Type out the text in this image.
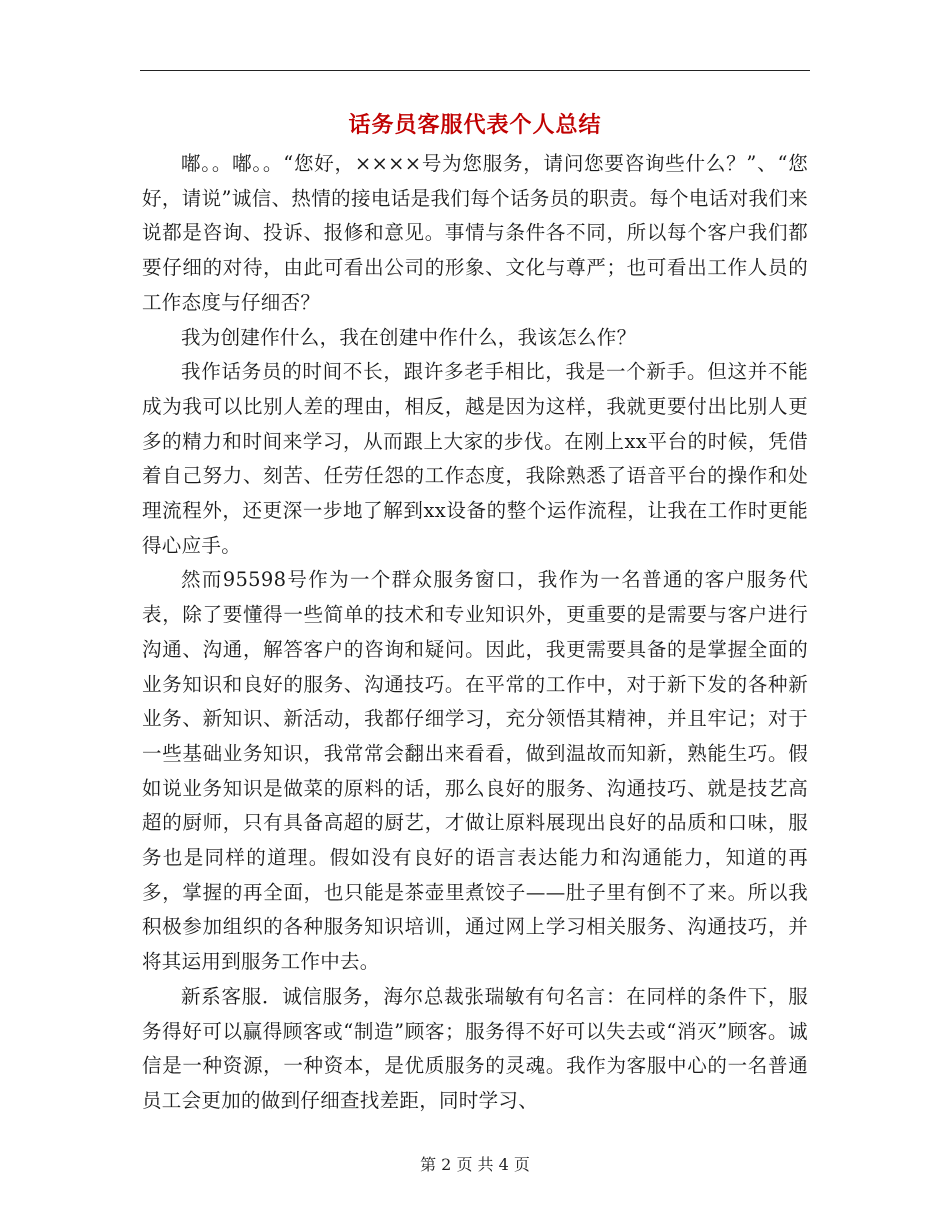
话务员客服代表个人总结

嘟。。嘟。。“您好，××××号为您服务，请问您要咨询些什么？”、“您好，请说”诚信、热情的接电话是我们每个话务员的职责。每个电话对我们来说都是咨询、投诉、报修和意见。事情与条件各不同，所以每个客户我们都要仔细的对待，由此可看出公司的形象、文化与尊严；也可看出工作人员的工作态度与仔细否？

我为创建作什么，我在创建中作什么，我该怎么作？

我作话务员的时间不长，跟许多老手相比，我是一个新手。但这并不能成为我可以比别人差的理由，相反，越是因为这样，我就更要付出比别人更多的精力和时间来学习，从而跟上大家的步伐。在刚上xx平台的时候，凭借着自己努力、刻苦、任劳任怨的工作态度，我除熟悉了语音平台的操作和处理流程外，还更深一步地了解到xx设备的整个运作流程，让我在工作时更能得心应手。

然而95598号作为一个群众服务窗口，我作为一名普通的客户服务代表，除了要懂得一些简单的技术和专业知识外，更重要的是需要与客户进行沟通、沟通，解答客户的咨询和疑问。因此，我更需要具备的是掌握全面的业务知识和良好的服务、沟通技巧。在平常的工作中，对于新下发的各种新业务、新知识、新活动，我都仔细学习，充分领悟其精神，并且牢记；对于一些基础业务知识，我常常会翻出来看看，做到温故而知新，熟能生巧。假如说业务知识是做菜的原料的话，那么良好的服务、沟通技巧、就是技艺高超的厨师，只有具备高超的厨艺，才做让原料展现出良好的品质和口味，服务也是同样的道理。假如没有良好的语言表达能力和沟通能力，知道的再多，掌握的再全面，也只能是茶壶里煮饺子——肚子里有倒不了来。所以我积极参加组织的各种服务知识培训，通过网上学习相关服务、沟通技巧，并将其运用到服务工作中去。

新系客服．诚信服务，海尔总裁张瑞敏有句名言：在同样的条件下，服务得好可以赢得顾客或“制造”顾客；服务得不好可以失去或“消灭”顾客。诚信是一种资源，一种资本，是优质服务的灵魂。我作为客服中心的一名普通员工会更加的做到仔细查找差距，同时学习、

第 2 页 共 4 页
